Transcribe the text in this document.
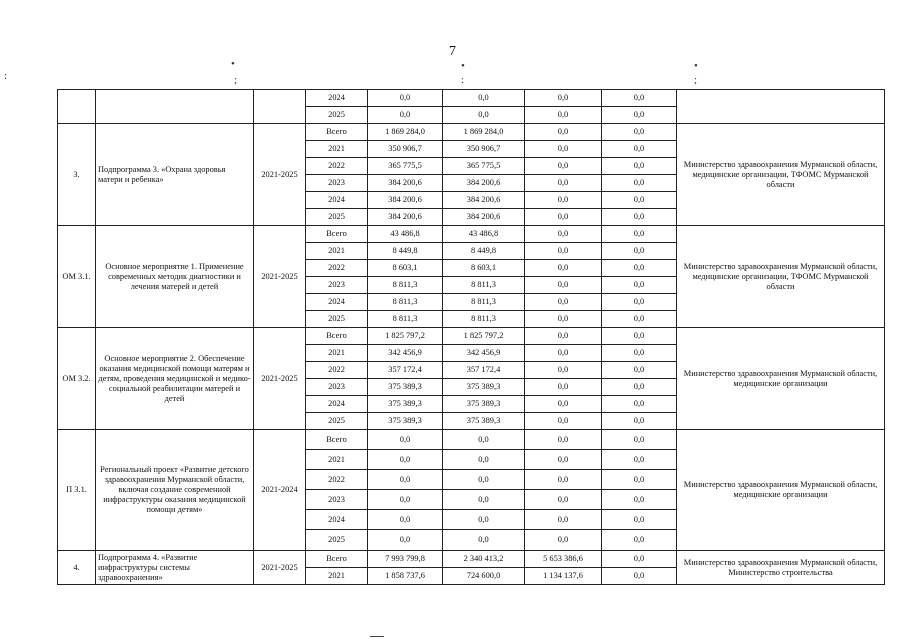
7
•	•	•
:	;	:	;
			2024	0,0	0,0	0,0	0,0	
			2025	0,0	0,0	0,0	0,0	
3.	Подпрограмма 3. «Охрана здоровья матери и ребенка»	2021-2025	Всего	1 869 284,0	1 869 284,0	0,0	0,0	Министерство здравоохранения Мурманской области, медицинские организации, ТФОМС Мурманской области
			2021	350 906,7	350 906,7	0,0	0,0	
			2022	365 775,5	365 775,5	0,0	0,0	
			2023	384 200,6	384 200,6	0,0	0,0	
			2024	384 200,6	384 200,6	0,0	0,0	
			2025	384 200,6	384 200,6	0,0	0,0	
ОМ 3.1.	Основное мероприятие 1. Применение современных методик диагностики и лечения матерей и детей	2021-2025	Всего	43 486,8	43 486,8	0,0	0,0	Министерство здравоохранения Мурманской области, медицинские организации, ТФОМС Мурманской области
			2021	8 449,8	8 449,8	0,0	0,0	
			2022	8 603,1	8 603,1	0,0	0,0	
			2023	8 811,3	8 811,3	0,0	0,0	
			2024	8 811,3	8 811,3	0,0	0,0	
			2025	8 811,3	8 811,3	0,0	0,0	
ОМ 3.2.	Основное мероприятие 2. Обеспечение оказания медицинской помощи матерям и детям, проведения медицинской и медико-социальной реабилитации матерей и детей	2021-2025	Всего	1 825 797,2	1 825 797,2	0,0	0,0	Министерство здравоохранения Мурманской области, медицинские организации
			2021	342 456,9	342 456,9	0,0	0,0	
			2022	357 172,4	357 172,4	0,0	0,0	
			2023	375 389,3	375 389,3	0,0	0,0	
			2024	375 389,3	375 389,3	0,0	0,0	
			2025	375 389,3	375 389,3	0,0	0,0	
П 3.1.	Региональный проект «Развитие детского здравоохранения Мурманской области, включая создание современной инфраструктуры оказания медицинской помощи детям»	2021-2024	Всего	0,0	0,0	0,0	0,0	Министерство здравоохранения Мурманской области, медицинские организации
			2021	0,0	0,0	0,0	0,0	
			2022	0,0	0,0	0,0	0,0	
			2023	0,0	0,0	0,0	0,0	
			2024	0,0	0,0	0,0	0,0	
			2025	0,0	0,0	0,0	0,0	
4.	Подпрограмма 4. «Развитие инфраструктуры системы здравоохранения»	2021-2025	Всего	7 993 799,8	2 340 413,2	5 653 386,6	0,0	Министерство здравоохранения Мурманской области, Министерство строительства
			2021	1 858 737,6	724 600,0	1 134 137,6	0,0	
